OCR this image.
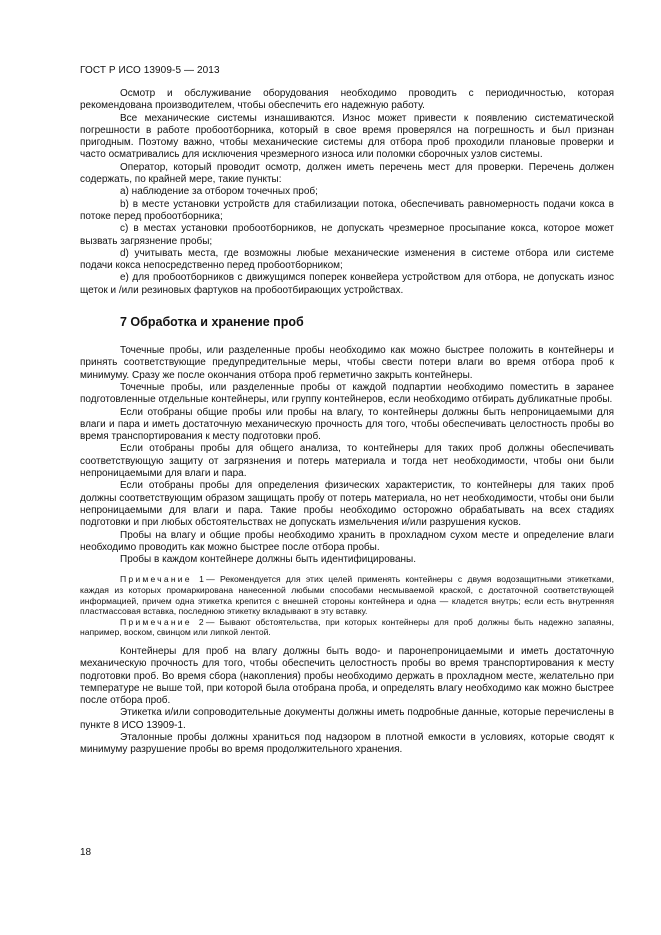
ГОСТ Р ИСО 13909-5 — 2013

Осмотр и обслуживание оборудования необходимо проводить с периодичностью, которая рекомендована производителем, чтобы обеспечить его надежную работу.

Все механические системы изнашиваются. Износ может привести к появлению систематической погрешности в работе пробоотборника, который в свое время проверялся на погрешность и был признан пригодным. Поэтому важно, чтобы механические системы для отбора проб проходили плановые проверки и часто осматривались для исключения чрезмерного износа или поломки сборочных узлов системы.

Оператор, который проводит осмотр, должен иметь перечень мест для проверки. Перечень должен содержать, по крайней мере, такие пункты:

а) наблюдение за отбором точечных проб;

b) в месте установки устройств для стабилизации потока, обеспечивать равномерность подачи кокса в потоке перед пробоотборника;

с) в местах установки пробоотборников, не допускать чрезмерное просыпание кокса, которое может вызвать загрязнение пробы;

d) учитывать места, где возможны любые механические изменения в системе отбора или системе подачи кокса непосредственно перед пробоотборником;

е) для пробоотборников с движущимся поперек конвейера устройством для отбора, не допускать износ щеток и /или резиновых фартуков на пробоотбирающих устройствах.

7 Обработка и хранение проб

Точечные пробы, или разделенные пробы необходимо как можно быстрее положить в контейнеры и принять соответствующие предупредительные меры, чтобы свести потери влаги во время отбора проб к минимуму. Сразу же после окончания отбора проб герметично закрыть контейнеры.

Точечные пробы, или разделенные пробы от каждой подпартии необходимо поместить в заранее подготовленные отдельные контейнеры, или группу контейнеров, если необходимо отбирать дубликатные пробы.

Если отобраны общие пробы или пробы на влагу, то контейнеры должны быть непроницаемыми для влаги и пара и иметь достаточную механическую прочность для того, чтобы обеспечивать целостность пробы во время транспортирования к месту подготовки проб.

Если отобраны пробы для общего анализа, то контейнеры для таких проб должны обеспечивать соответствующую защиту от загрязнения и потерь материала и тогда нет необходимости, чтобы они были непроницаемыми для влаги и пара.

Если отобраны пробы для определения физических характеристик, то контейнеры для таких проб должны соответствующим образом защищать пробу от потерь материала, но нет необходимости, чтобы они были непроницаемыми для влаги и пара. Такие пробы необходимо осторожно обрабатывать на всех стадиях подготовки и при любых обстоятельствах не допускать измельчения и/или разрушения кусков.

Пробы на влагу и общие пробы необходимо хранить в прохладном сухом месте и определение влаги необходимо проводить как можно быстрее после отбора пробы.

Пробы в каждом контейнере должны быть идентифицированы.

Примечание 1— Рекомендуется для этих целей применять контейнеры с двумя водозащитными этикетками, каждая из которых промаркирована нанесенной любыми способами несмываемой краской, с достаточной соответствующей информацией, причем одна этикетка крепится с внешней стороны контейнера и одна — кладется внутрь; если есть внутренняя пластмассовая вставка, последнюю этикетку вкладывают в эту вставку.

Примечание 2— Бывают обстоятельства, при которых контейнеры для проб должны быть надежно запаяны, например, воском, свинцом или липкой лентой.

Контейнеры для проб на влагу должны быть водо- и паронепроницаемыми и иметь достаточную механическую прочность для того, чтобы обеспечить целостность пробы во время транспортирования к месту подготовки проб. Во время сбора (накопления) пробы необходимо держать в прохладном месте, желательно при температуре не выше той, при которой была отобрана проба, и определять влагу необходимо как можно быстрее после отбора проб.

Этикетка и/или сопроводительные документы должны иметь подробные данные, которые перечислены в пункте 8 ИСО 13909-1.

Эталонные пробы должны храниться под надзором в плотной емкости в условиях, которые сводят к минимуму разрушение пробы во время продолжительного хранения.

18
